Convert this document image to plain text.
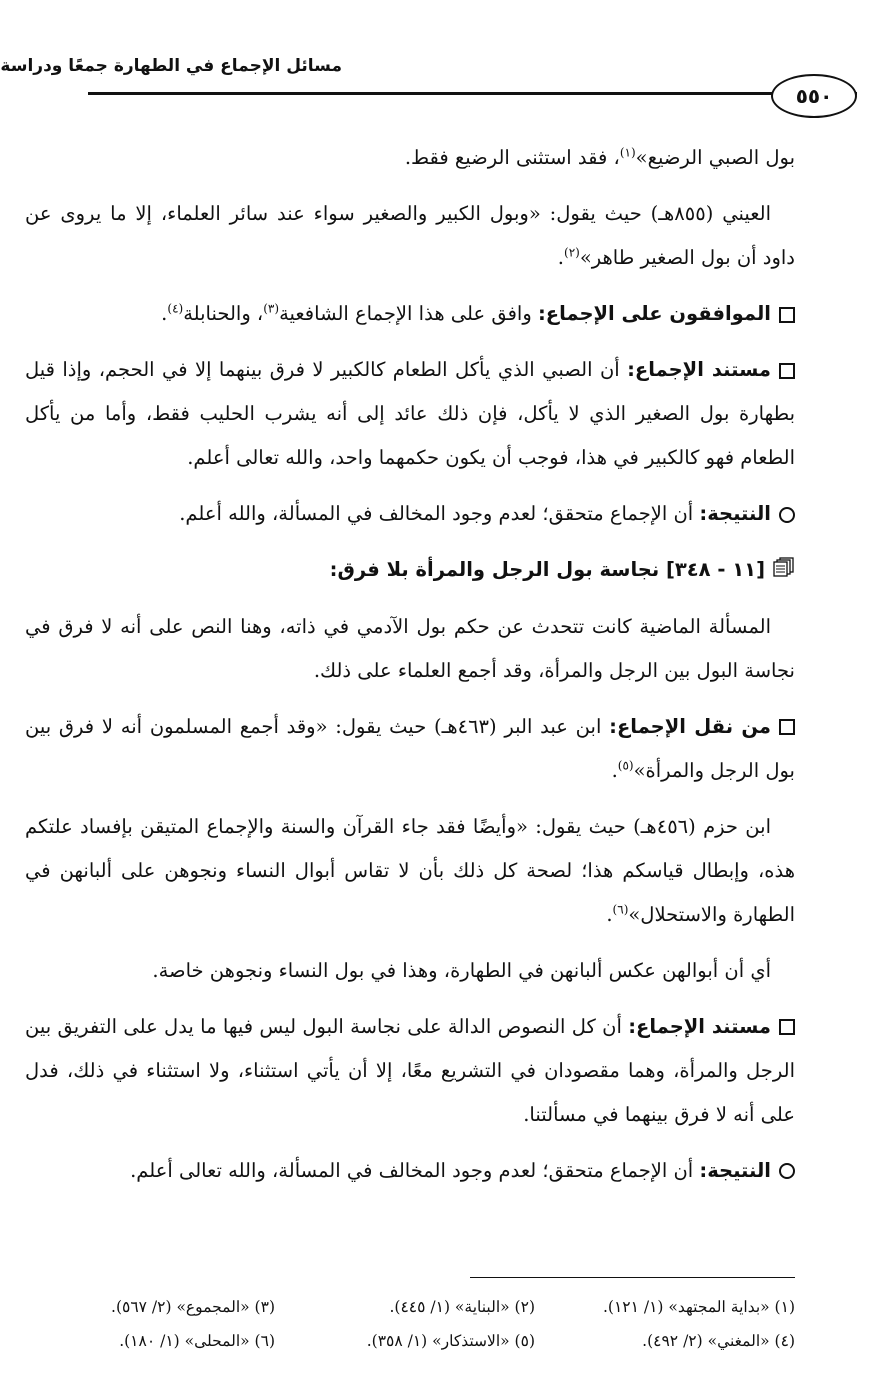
مسائل الإجماع في الطهارة جمعًا ودراسة
٥٥٠

بول الصبي الرضيع»$^{(١)}$، فقد استثنى الرضيع فقط.

العيني (٨٥٥هـ) حيث يقول: «وبول الكبير والصغير سواء عند سائر العلماء، إلا ما يروى عن داود أن بول الصغير طاهر»$^{(٢)}$.

الموافقون على الإجماع: وافق على هذا الإجماع الشافعية$^{(٣)}$، والحنابلة$^{(٤)}$.

مستند الإجماع: أن الصبي الذي يأكل الطعام كالكبير لا فرق بينهما إلا في الحجم، وإذا قيل بطهارة بول الصغير الذي لا يأكل، فإن ذلك عائد إلى أنه يشرب الحليب فقط، وأما من يأكل الطعام فهو كالكبير في هذا، فوجب أن يكون حكمهما واحد، والله تعالى أعلم.

النتيجة: أن الإجماع متحقق؛ لعدم وجود المخالف في المسألة، والله أعلم.

[١١ - ٣٤٨] نجاسة بول الرجل والمرأة بلا فرق:

المسألة الماضية كانت تتحدث عن حكم بول الآدمي في ذاته، وهنا النص على أنه لا فرق في نجاسة البول بين الرجل والمرأة، وقد أجمع العلماء على ذلك.

من نقل الإجماع: ابن عبد البر (٤٦٣هـ) حيث يقول: «وقد أجمع المسلمون أنه لا فرق بين بول الرجل والمرأة»$^{(٥)}$.

ابن حزم (٤٥٦هـ) حيث يقول: «وأيضًا فقد جاء القرآن والسنة والإجماع المتيقن بإفساد علتكم هذه، وإبطال قياسكم هذا؛ لصحة كل ذلك بأن لا تقاس أبوال النساء ونجوهن على ألبانهن في الطهارة والاستحلال»$^{(٦)}$.

أي أن أبوالهن عكس ألبانهن في الطهارة، وهذا في بول النساء ونجوهن خاصة.

مستند الإجماع: أن كل النصوص الدالة على نجاسة البول ليس فيها ما يدل على التفريق بين الرجل والمرأة، وهما مقصودان في التشريع معًا، إلا أن يأتي استثناء، ولا استثناء في ذلك، فدل على أنه لا فرق بينهما في مسألتنا.

النتيجة: أن الإجماع متحقق؛ لعدم وجود المخالف في المسألة، والله تعالى أعلم.

(١) «بداية المجتهد» (١/ ١٢١).
(٢) «البناية» (١/ ٤٤٥).
(٣) «المجموع» (٢/ ٥٦٧).
(٤) «المغني» (٢/ ٤٩٢).
(٥) «الاستذكار» (١/ ٣٥٨).
(٦) «المحلى» (١/ ١٨٠).
